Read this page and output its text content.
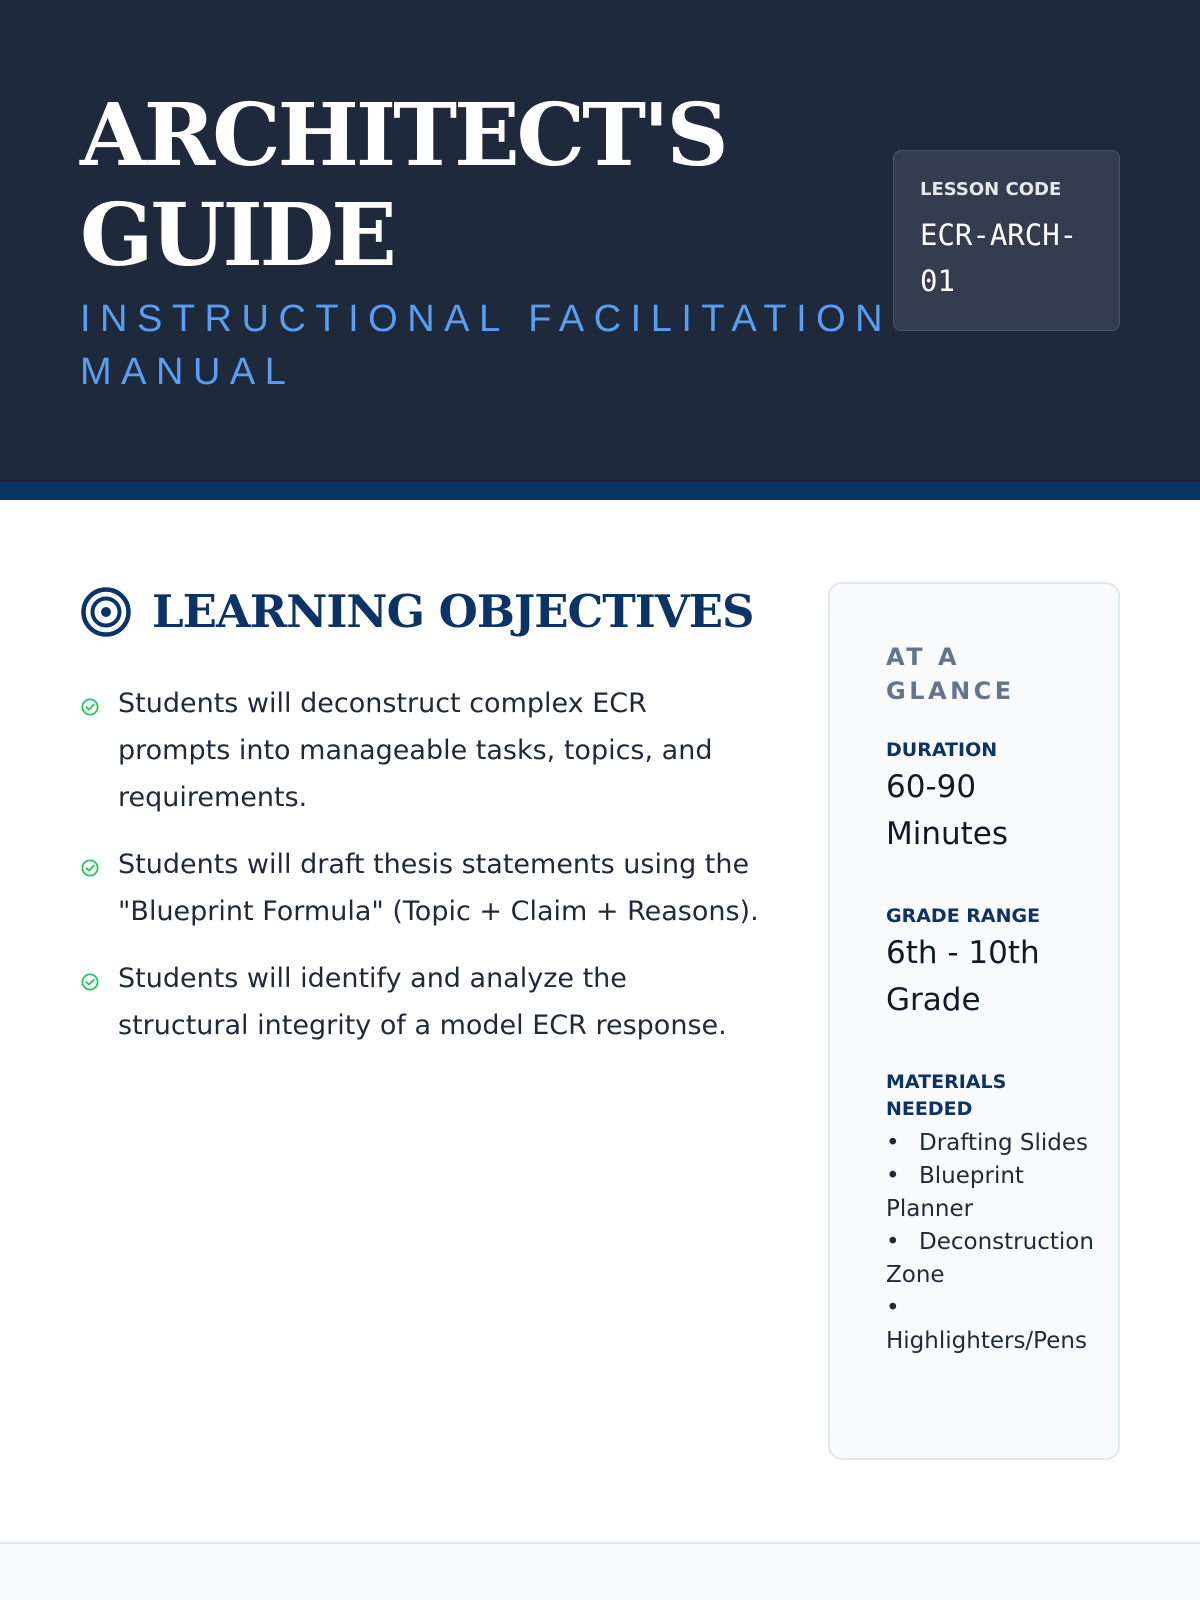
ARCHITECT'S GUIDE
INSTRUCTIONAL FACILITATION MANUAL
LESSON CODE
ECR-ARCH-01
LEARNING OBJECTIVES
Students will deconstruct complex ECR prompts into manageable tasks, topics, and requirements.
Students will draft thesis statements using the "Blueprint Formula" (Topic + Claim + Reasons).
Students will identify and analyze the structural integrity of a model ECR response.
AT A GLANCE
DURATION
60-90 Minutes
GRADE RANGE
6th - 10th Grade
MATERIALS NEEDED
• Drafting Slides
• Blueprint Planner
• Deconstruction Zone
•Highlighters/Pens
